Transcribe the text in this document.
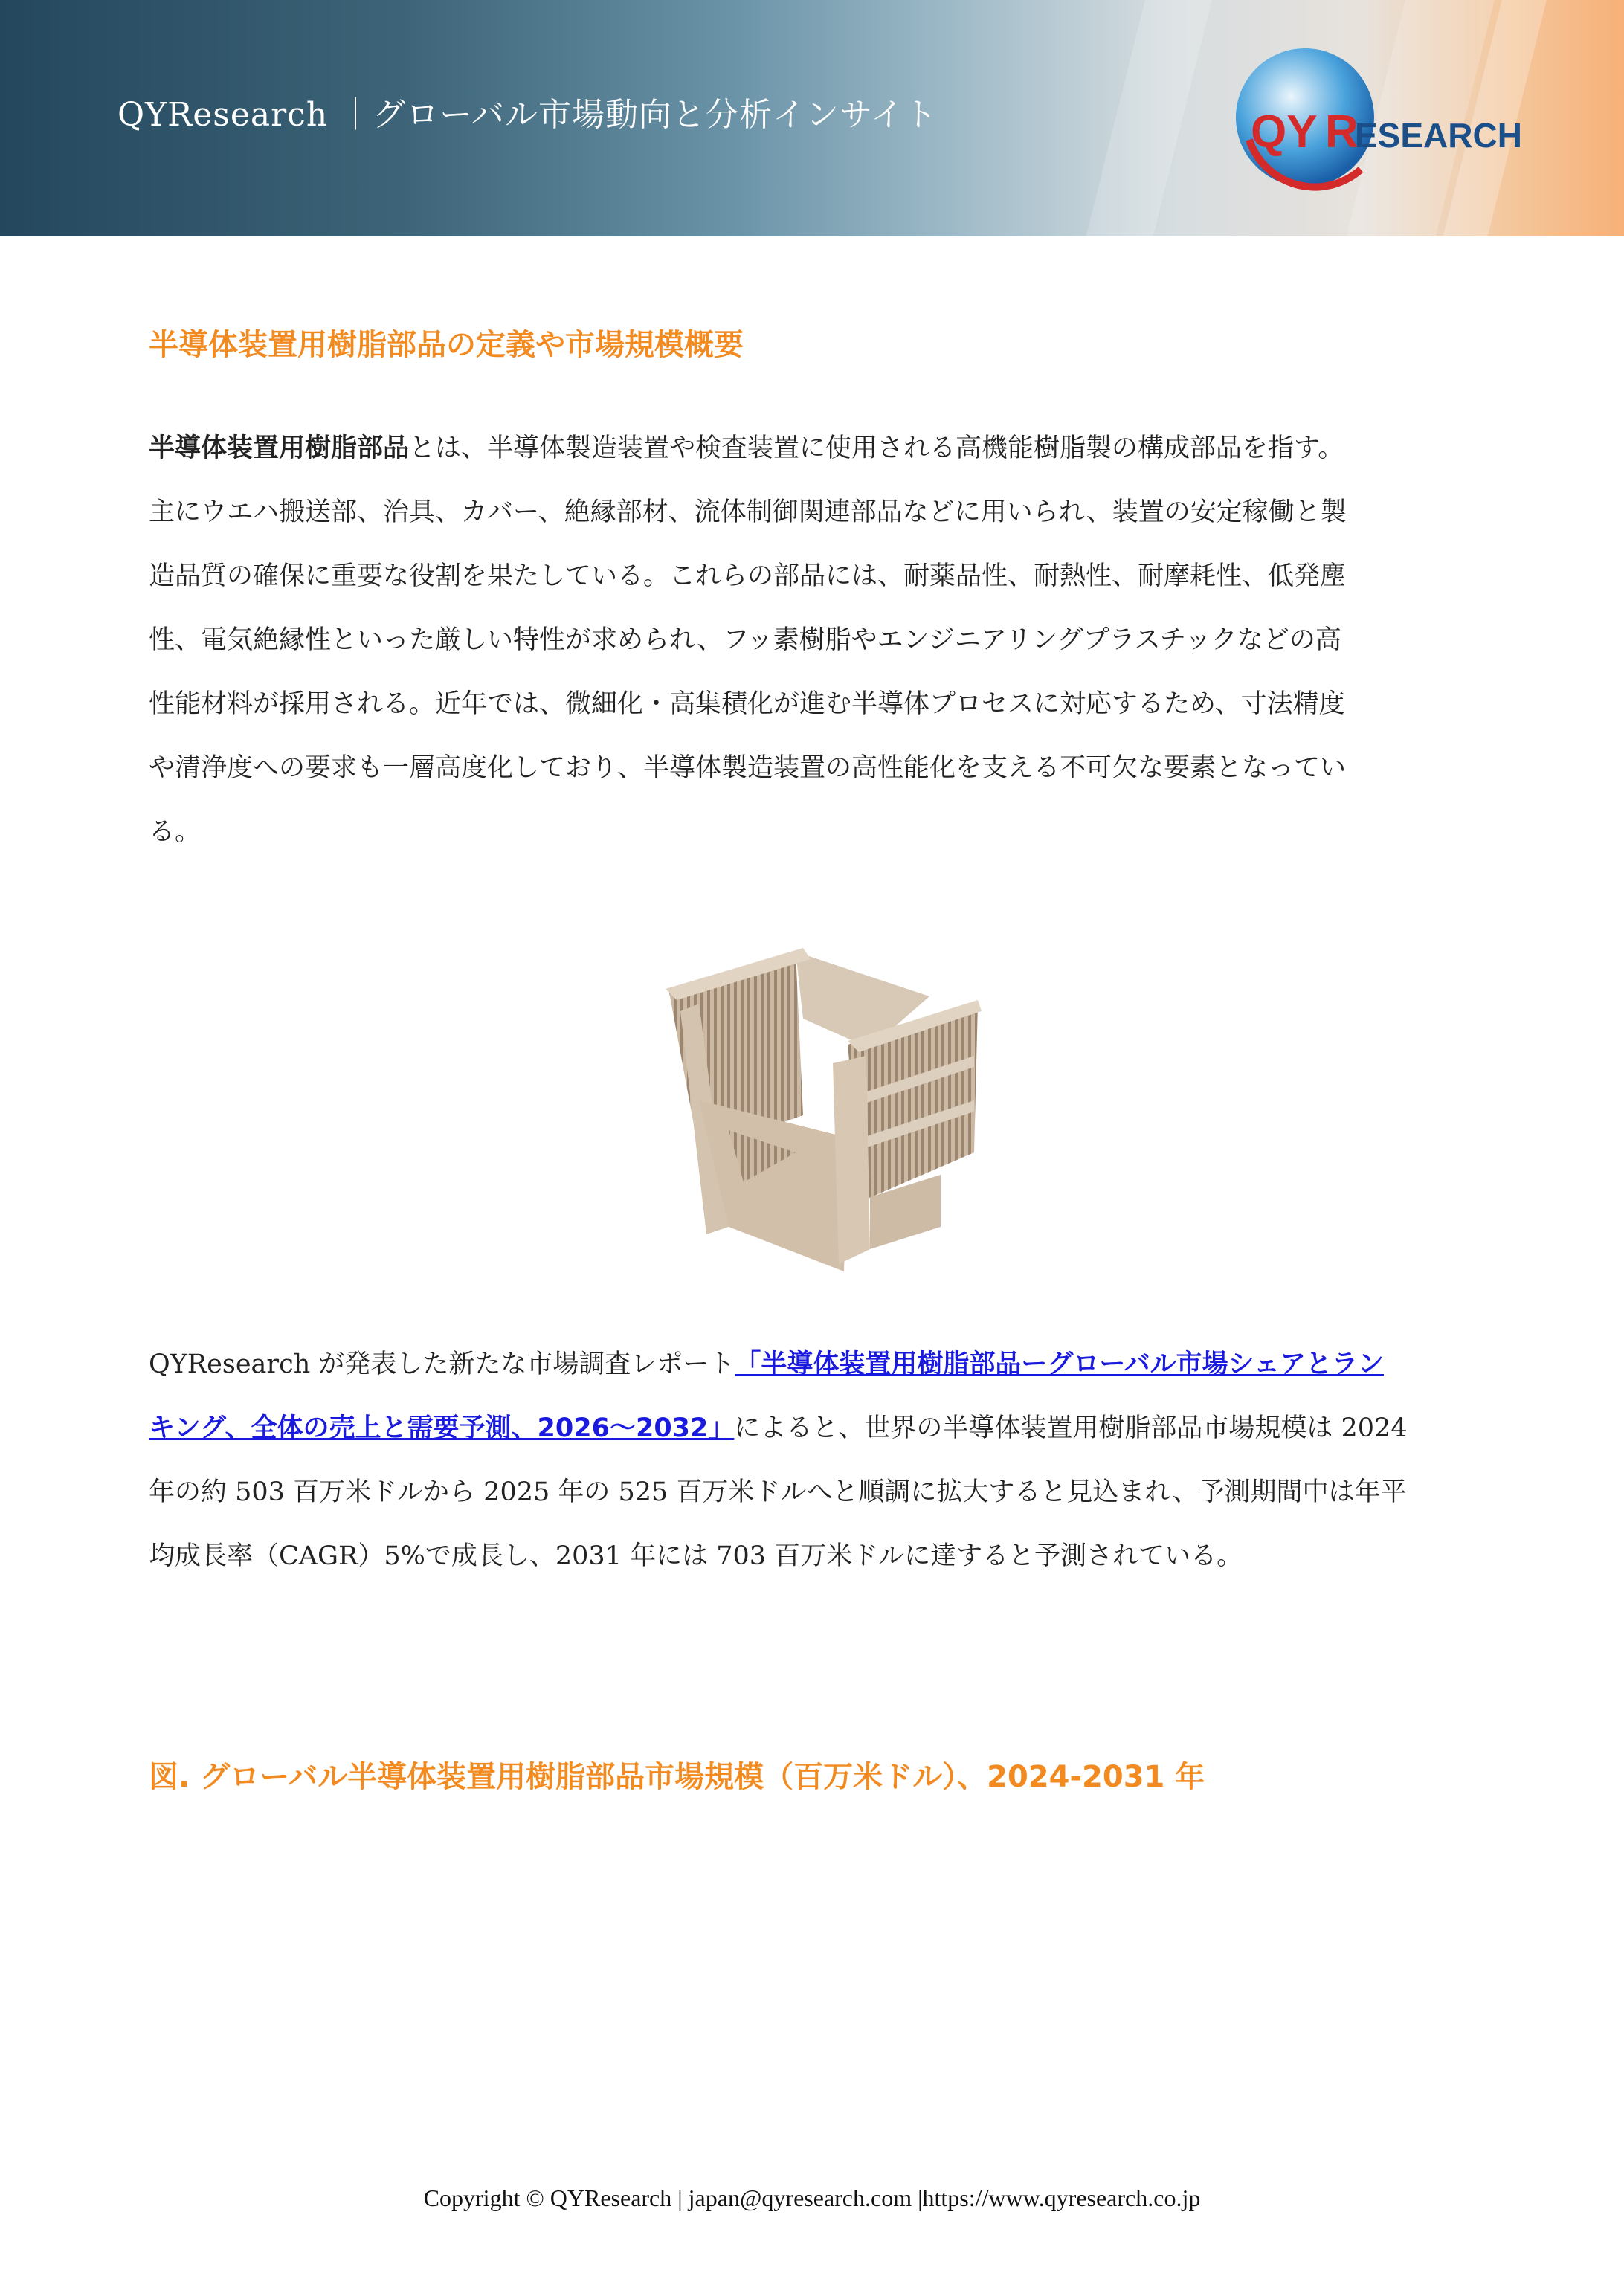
QYResearch ｜グローバル市場動向と分析インサイト	QY R
ESEARCH
半導体装置用樹脂部品の定義や市場規模概要
半導体装置用樹脂部品とは、半導体製造装置や検査装置に使用される高機能樹脂製の構成部品を指す。
主にウエハ搬送部、治具、カバー、絶縁部材、流体制御関連部品などに用いられ、装置の安定稼働と製
造品質の確保に重要な役割を果たしている。これらの部品には、耐薬品性、耐熱性、耐摩耗性、低発塵
性、電気絶縁性といった厳しい特性が求められ、フッ素樹脂やエンジニアリングプラスチックなどの高
性能材料が採用される。近年では、微細化・高集積化が進む半導体プロセスに対応するため、寸法精度
や清浄度への要求も一層高度化しており、半導体製造装置の高性能化を支える不可欠な要素となってい
る。
QYResearch が発表した新たな市場調査レポート「半導体装置用樹脂部品ーグローバル市場シェアとラン
キング、全体の売上と需要予測、2026～2032」によると、世界の半導体装置用樹脂部品市場規模は 2024
年の約 503 百万米ドルから 2025 年の 525 百万米ドルへと順調に拡大すると見込まれ、予測期間中は年平
均成長率（CAGR）5%で成長し、2031 年には 703 百万米ドルに達すると予測されている。
図. グローバル半導体装置用樹脂部品市場規模（百万米ドル）、2024-2031 年
Copyright © QYResearch | japan@qyresearch.com |https://www.qyresearch.co.jp
